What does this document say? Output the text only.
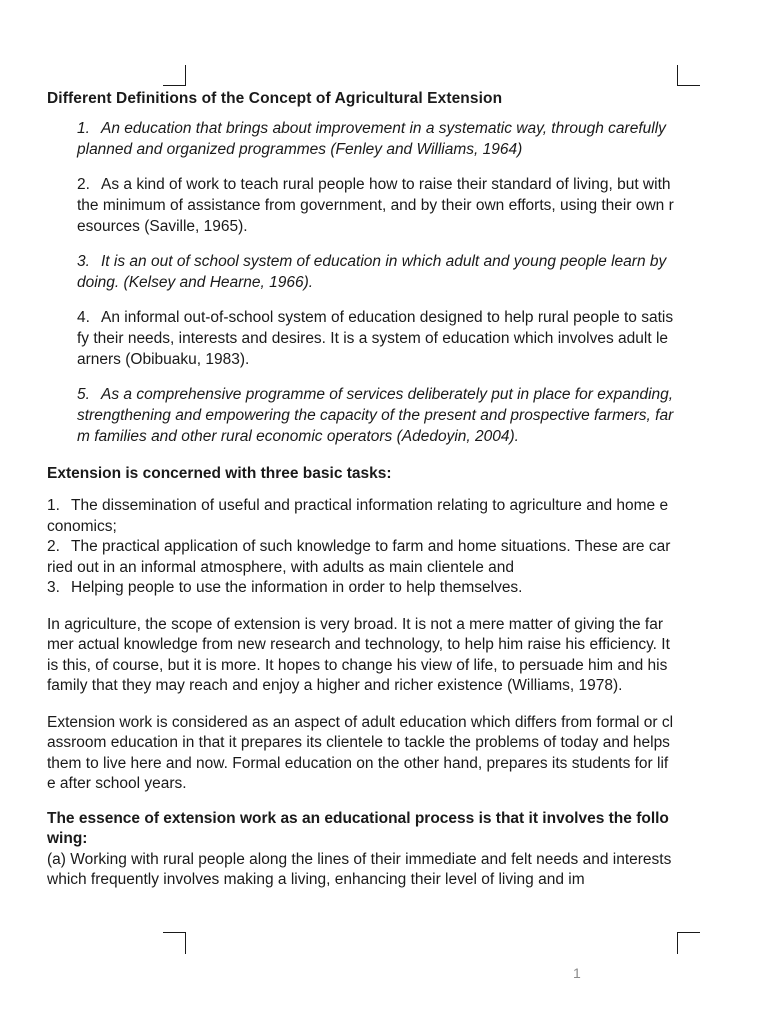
Different Definitions of the Concept of Agricultural Extension
1. An education that brings about improvement in a systematic way, through carefully planned and organized programmes (Fenley and Williams, 1964)
2. As a kind of work to teach rural people how to raise their standard of living, but with the minimum of assistance from government, and by their own efforts, using their own resources (Saville, 1965).
3. It is an out of school system of education in which adult and young people learn by doing. (Kelsey and Hearne, 1966).
4. An informal out-of-school system of education designed to help rural people to satisfy their needs, interests and desires. It is a system of education which involves adult learners (Obibuaku, 1983).
5. As a comprehensive programme of services deliberately put in place for expanding, strengthening and empowering the capacity of the present and prospective farmers, farm families and other rural economic operators (Adedoyin, 2004).
Extension is concerned with three basic tasks:
1. The dissemination of useful and practical information relating to agriculture and home economics;
2. The practical application of such knowledge to farm and home situations. These are carried out in an informal atmosphere, with adults as main clientele and
3. Helping people to use the information in order to help themselves.
In agriculture, the scope of extension is very broad. It is not a mere matter of giving the farmer actual knowledge from new research and technology, to help him raise his efficiency. It is this, of course, but it is more. It hopes to change his view of life, to persuade him and his family that they may reach and enjoy a higher and richer existence (Williams, 1978).
Extension work is considered as an aspect of adult education which differs from formal or classroom education in that it prepares its clientele to tackle the problems of today and helps them to live here and now. Formal education on the other hand, prepares its students for life after school years.
The essence of extension work as an educational process is that it involves the following:
(a) Working with rural people along the lines of their immediate and felt needs and interests which frequently involves making a living, enhancing their level of living and im
1
